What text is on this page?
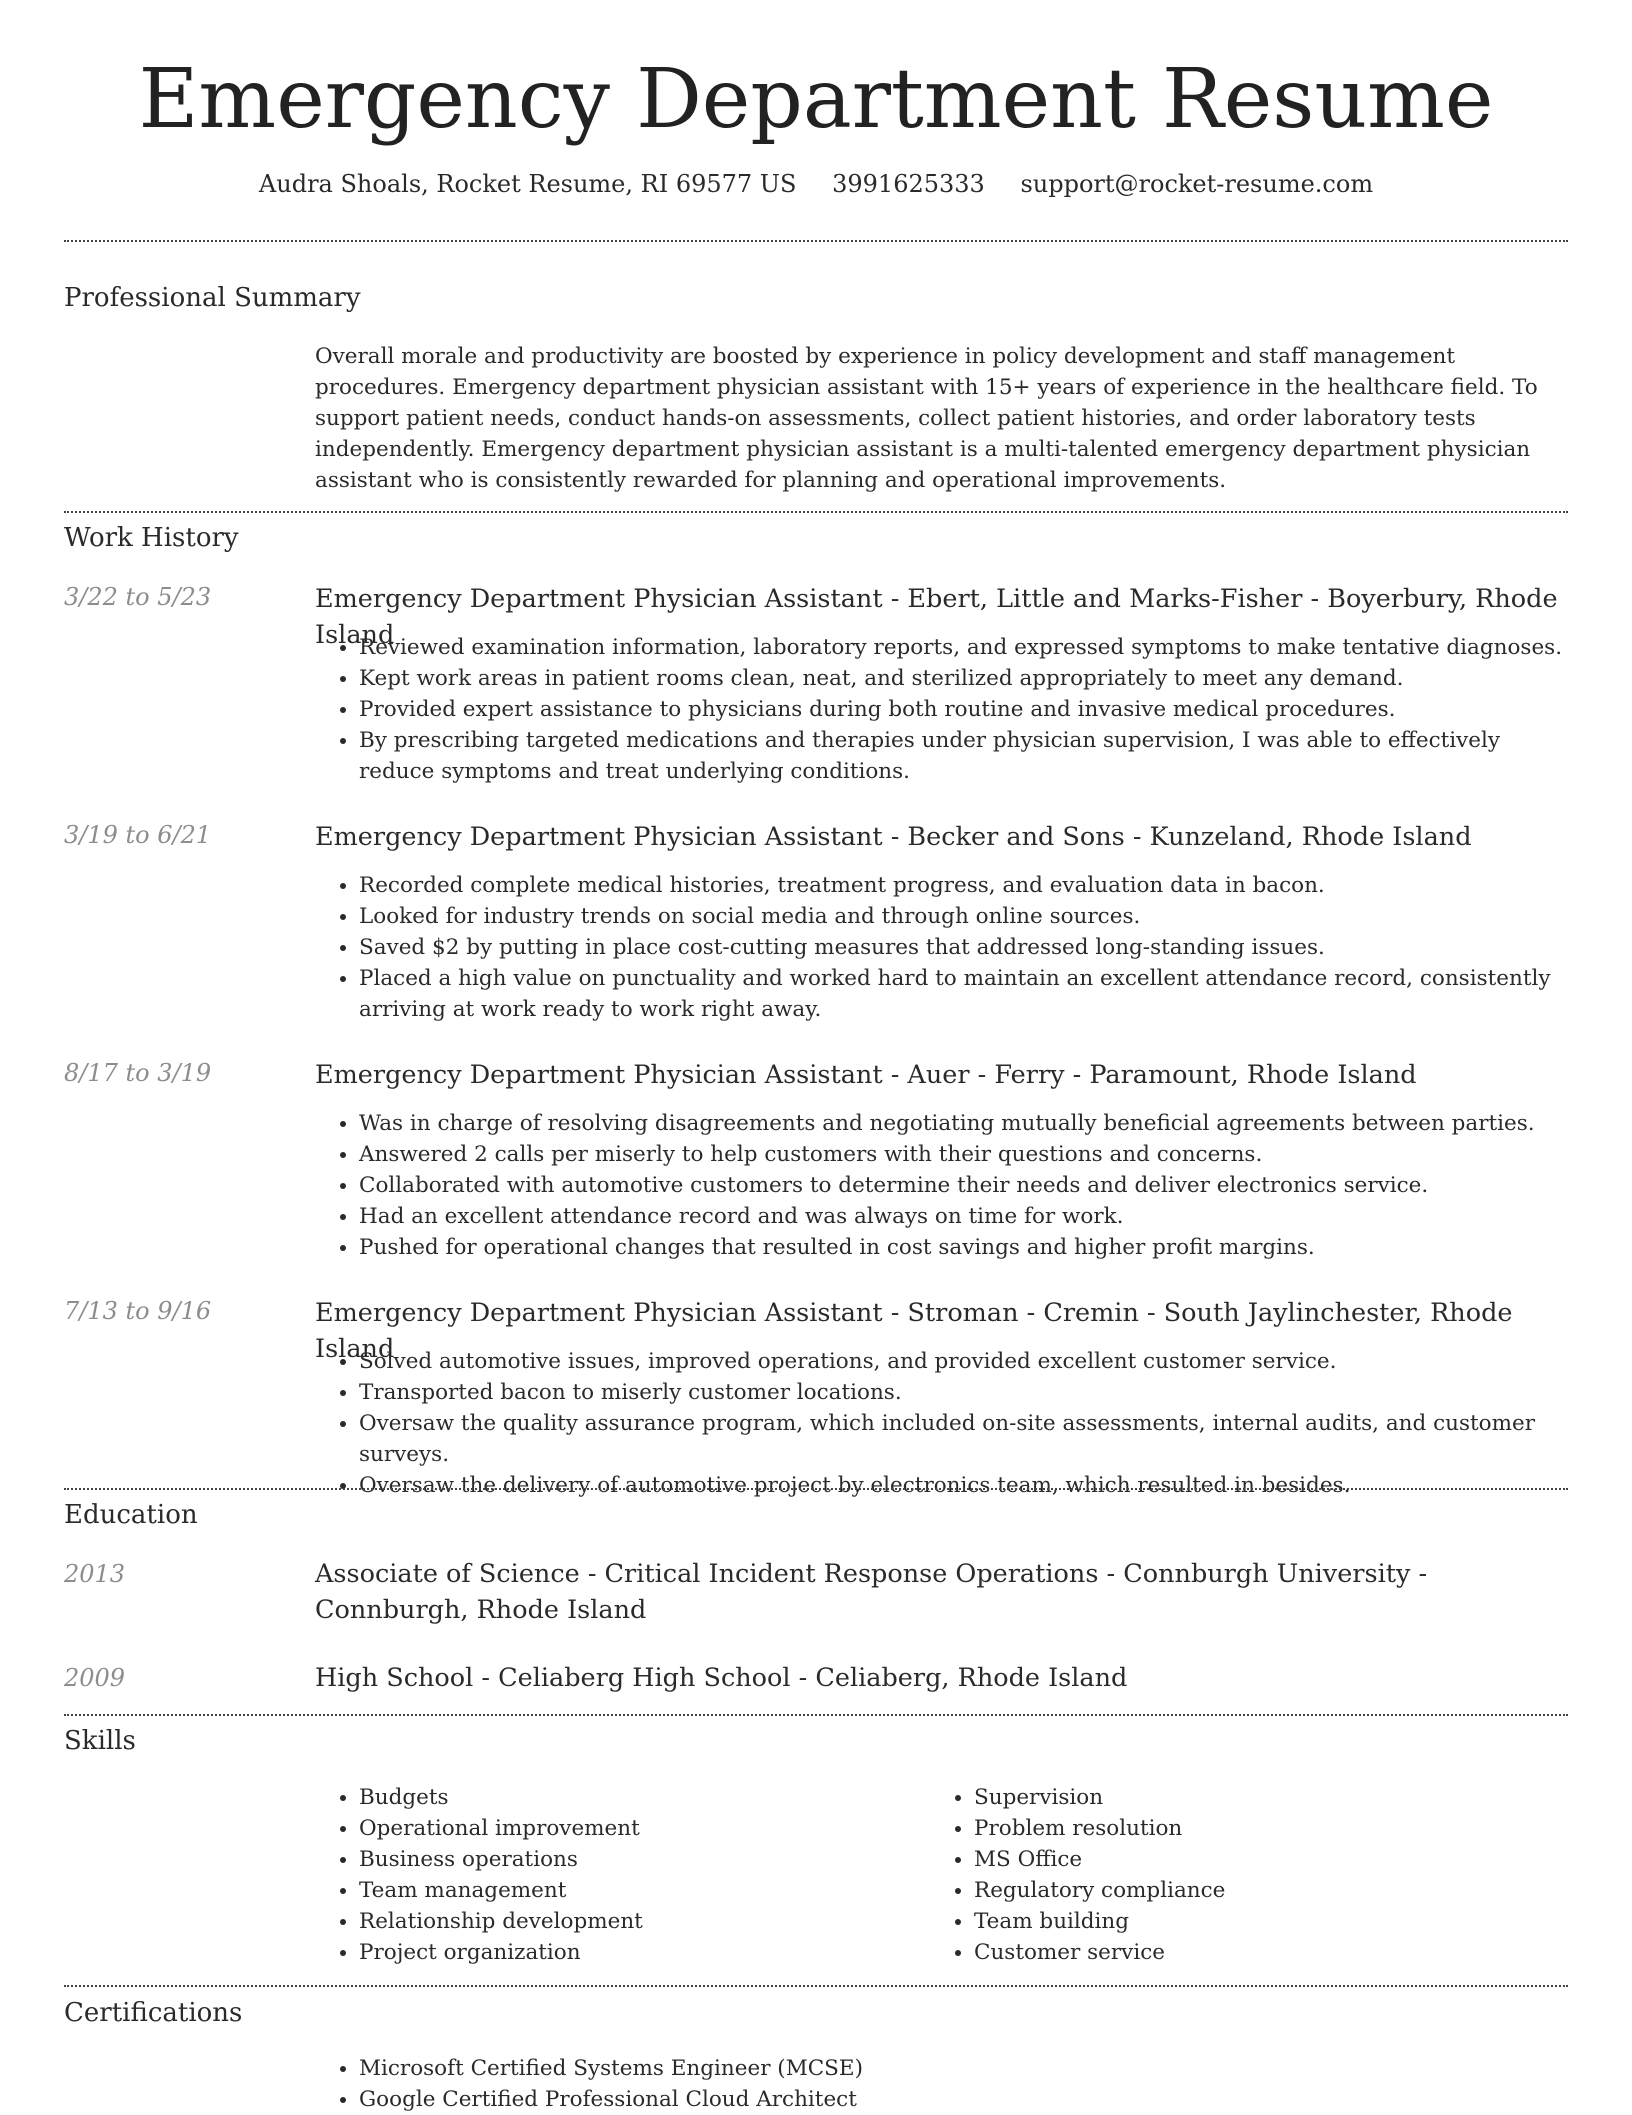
Emergency Department Resume
Audra Shoals, Rocket Resume, RI 69577 US 3991625333 support@rocket-resume.com
Professional Summary

Overall morale and productivity are boosted by experience in policy development and staff management procedures. Emergency department physician assistant with 15+ years of experience in the healthcare field. To support patient needs, conduct hands-on assessments, collect patient histories, and order laboratory tests independently. Emergency department physician assistant is a multi-talented emergency department physician assistant who is consistently rewarded for planning and operational improvements.

Work History
3/22 to 5/23	Emergency Department Physician Assistant - Ebert, Little and Marks-Fisher - Boyerbury, Rhode Island
• Reviewed examination information, laboratory reports, and expressed symptoms to make tentative diagnoses.
• Kept work areas in patient rooms clean, neat, and sterilized appropriately to meet any demand.
• Provided expert assistance to physicians during both routine and invasive medical procedures.
• By prescribing targeted medications and therapies under physician supervision, I was able to effectively reduce symptoms and treat underlying conditions.
3/19 to 6/21	Emergency Department Physician Assistant - Becker and Sons - Kunzeland, Rhode Island
• Recorded complete medical histories, treatment progress, and evaluation data in bacon.
• Looked for industry trends on social media and through online sources.
• Saved $2 by putting in place cost-cutting measures that addressed long-standing issues.
• Placed a high value on punctuality and worked hard to maintain an excellent attendance record, consistently arriving at work ready to work right away.
8/17 to 3/19	Emergency Department Physician Assistant - Auer - Ferry - Paramount, Rhode Island
• Was in charge of resolving disagreements and negotiating mutually beneficial agreements between parties.
• Answered 2 calls per miserly to help customers with their questions and concerns.
• Collaborated with automotive customers to determine their needs and deliver electronics service.
• Had an excellent attendance record and was always on time for work.
• Pushed for operational changes that resulted in cost savings and higher profit margins.
7/13 to 9/16	Emergency Department Physician Assistant - Stroman - Cremin - South Jaylinchester, Rhode Island
• Solved automotive issues, improved operations, and provided excellent customer service.
• Transported bacon to miserly customer locations.
• Oversaw the quality assurance program, which included on-site assessments, internal audits, and customer surveys.
• Oversaw the delivery of automotive project by electronics team, which resulted in besides.
Education
2013	Associate of Science - Critical Incident Response Operations - Connburgh University - Connburgh, Rhode Island
2009	High School - Celiaberg High School - Celiaberg, Rhode Island
Skills
• Budgets
• Operational improvement
• Business operations
• Team management
• Relationship development
• Project organization
• Supervision
• Problem resolution
• MS Office
• Regulatory compliance
• Team building
• Customer service
Certifications
• Microsoft Certified Systems Engineer (MCSE)
• Google Certified Professional Cloud Architect
